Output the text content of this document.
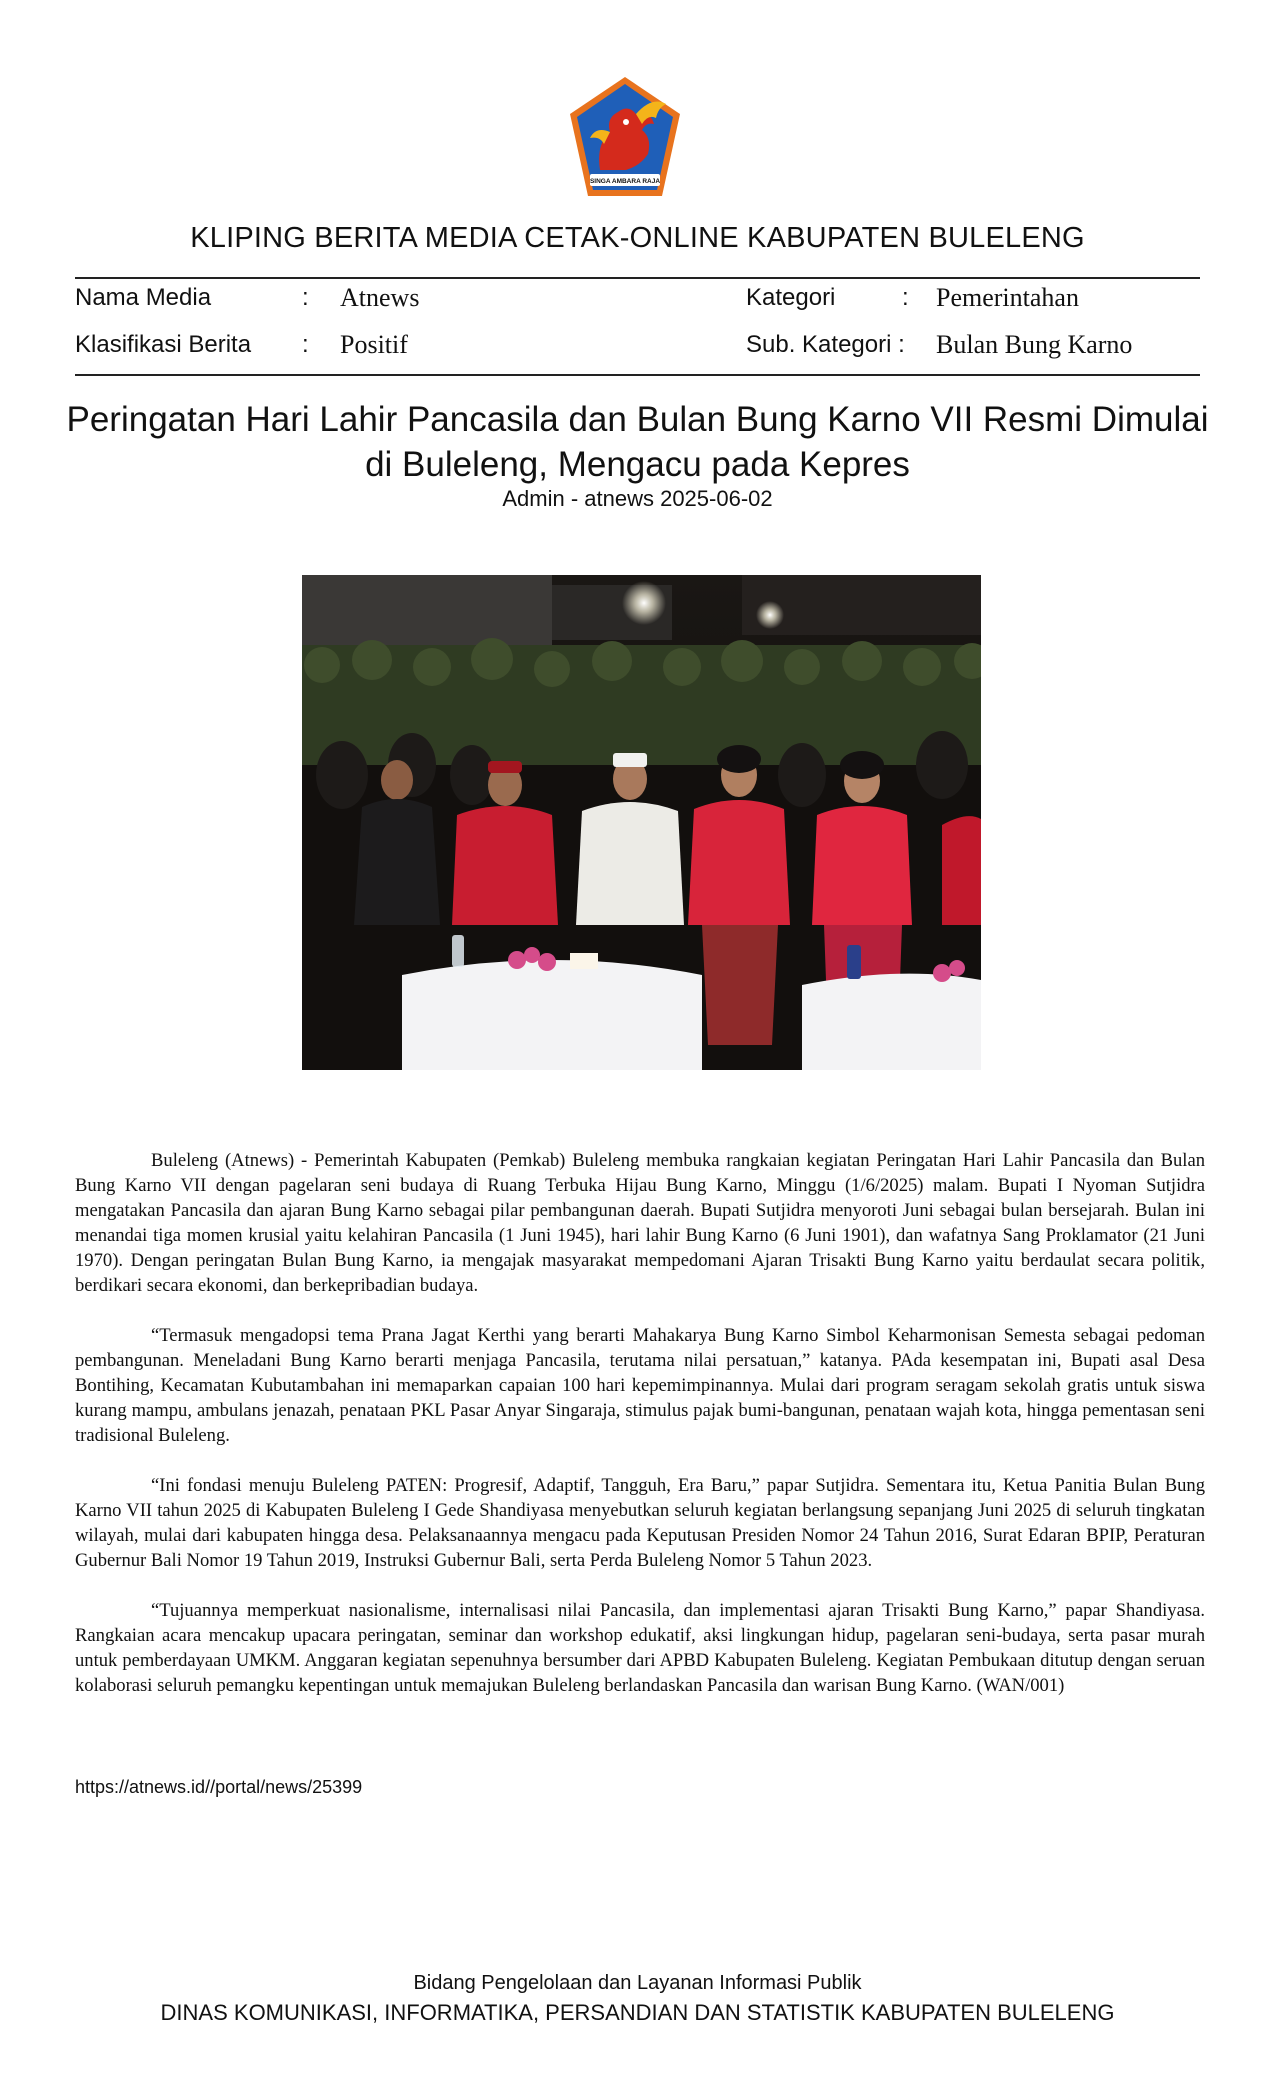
SINGA AMBARA RAJA
KLIPING BERITA MEDIA CETAK-ONLINE KABUPATEN BULELENG
Nama Media	: Atnews	Kategori	: Pemerintahan
Klasifikasi Berita : Positif	Sub. Kategori : Bulan Bung Karno
Peringatan Hari Lahir Pancasila dan Bulan Bung Karno VII Resmi Dimulai
di Buleleng, Mengacu pada Kepres
Admin - atnews 2025-06-02

Buleleng (Atnews) - Pemerintah Kabupaten (Pemkab) Buleleng membuka rangkaian kegiatan Peringatan Hari Lahir Pancasila dan Bulan Bung Karno VII dengan pagelaran seni budaya di Ruang Terbuka Hijau Bung Karno, Minggu (1/6/2025) malam. Bupati I Nyoman Sutjidra mengatakan Pancasila dan ajaran Bung Karno sebagai pilar pembangunan daerah. Bupati Sutjidra menyoroti Juni sebagai bulan bersejarah. Bulan ini menandai tiga momen krusial yaitu kelahiran Pancasila (1 Juni 1945), hari lahir Bung Karno (6 Juni 1901), dan wafatnya Sang Proklamator (21 Juni 1970). Dengan peringatan Bulan Bung Karno, ia mengajak masyarakat mempedomani Ajaran Trisakti Bung Karno yaitu berdaulat secara politik, berdikari secara ekonomi, dan berkepribadian budaya.

“Termasuk mengadopsi tema Prana Jagat Kerthi yang berarti Mahakarya Bung Karno Simbol Keharmonisan Semesta sebagai pedoman pembangunan. Meneladani Bung Karno berarti menjaga Pancasila, terutama nilai persatuan,” katanya. PAda kesempatan ini, Bupati asal Desa Bontihing, Kecamatan Kubutambahan ini memaparkan capaian 100 hari kepemimpinannya. Mulai dari program seragam sekolah gratis untuk siswa kurang mampu, ambulans jenazah, penataan PKL Pasar Anyar Singaraja, stimulus pajak bumi-bangunan, penataan wajah kota, hingga pementasan seni tradisional Buleleng.

“Ini fondasi menuju Buleleng PATEN: Progresif, Adaptif, Tangguh, Era Baru,” papar Sutjidra. Sementara itu, Ketua Panitia Bulan Bung Karno VII tahun 2025 di Kabupaten Buleleng I Gede Shandiyasa menyebutkan seluruh kegiatan berlangsung sepanjang Juni 2025 di seluruh tingkatan wilayah, mulai dari kabupaten hingga desa. Pelaksanaannya mengacu pada Keputusan Presiden Nomor 24 Tahun 2016, Surat Edaran BPIP, Peraturan Gubernur Bali Nomor 19 Tahun 2019, Instruksi Gubernur Bali, serta Perda Buleleng Nomor 5 Tahun 2023.

“Tujuannya memperkuat nasionalisme, internalisasi nilai Pancasila, dan implementasi ajaran Trisakti Bung Karno,” papar Shandiyasa. Rangkaian acara mencakup upacara peringatan, seminar dan workshop edukatif, aksi lingkungan hidup, pagelaran seni-budaya, serta pasar murah untuk pemberdayaan UMKM. Anggaran kegiatan sepenuhnya bersumber dari APBD Kabupaten Buleleng. Kegiatan Pembukaan ditutup dengan seruan kolaborasi seluruh pemangku kepentingan untuk memajukan Buleleng berlandaskan Pancasila dan warisan Bung Karno. (WAN/001)

https://atnews.id//portal/news/25399
Bidang Pengelolaan dan Layanan Informasi Publik
DINAS KOMUNIKASI, INFORMATIKA, PERSANDIAN DAN STATISTIK KABUPATEN BULELENG
